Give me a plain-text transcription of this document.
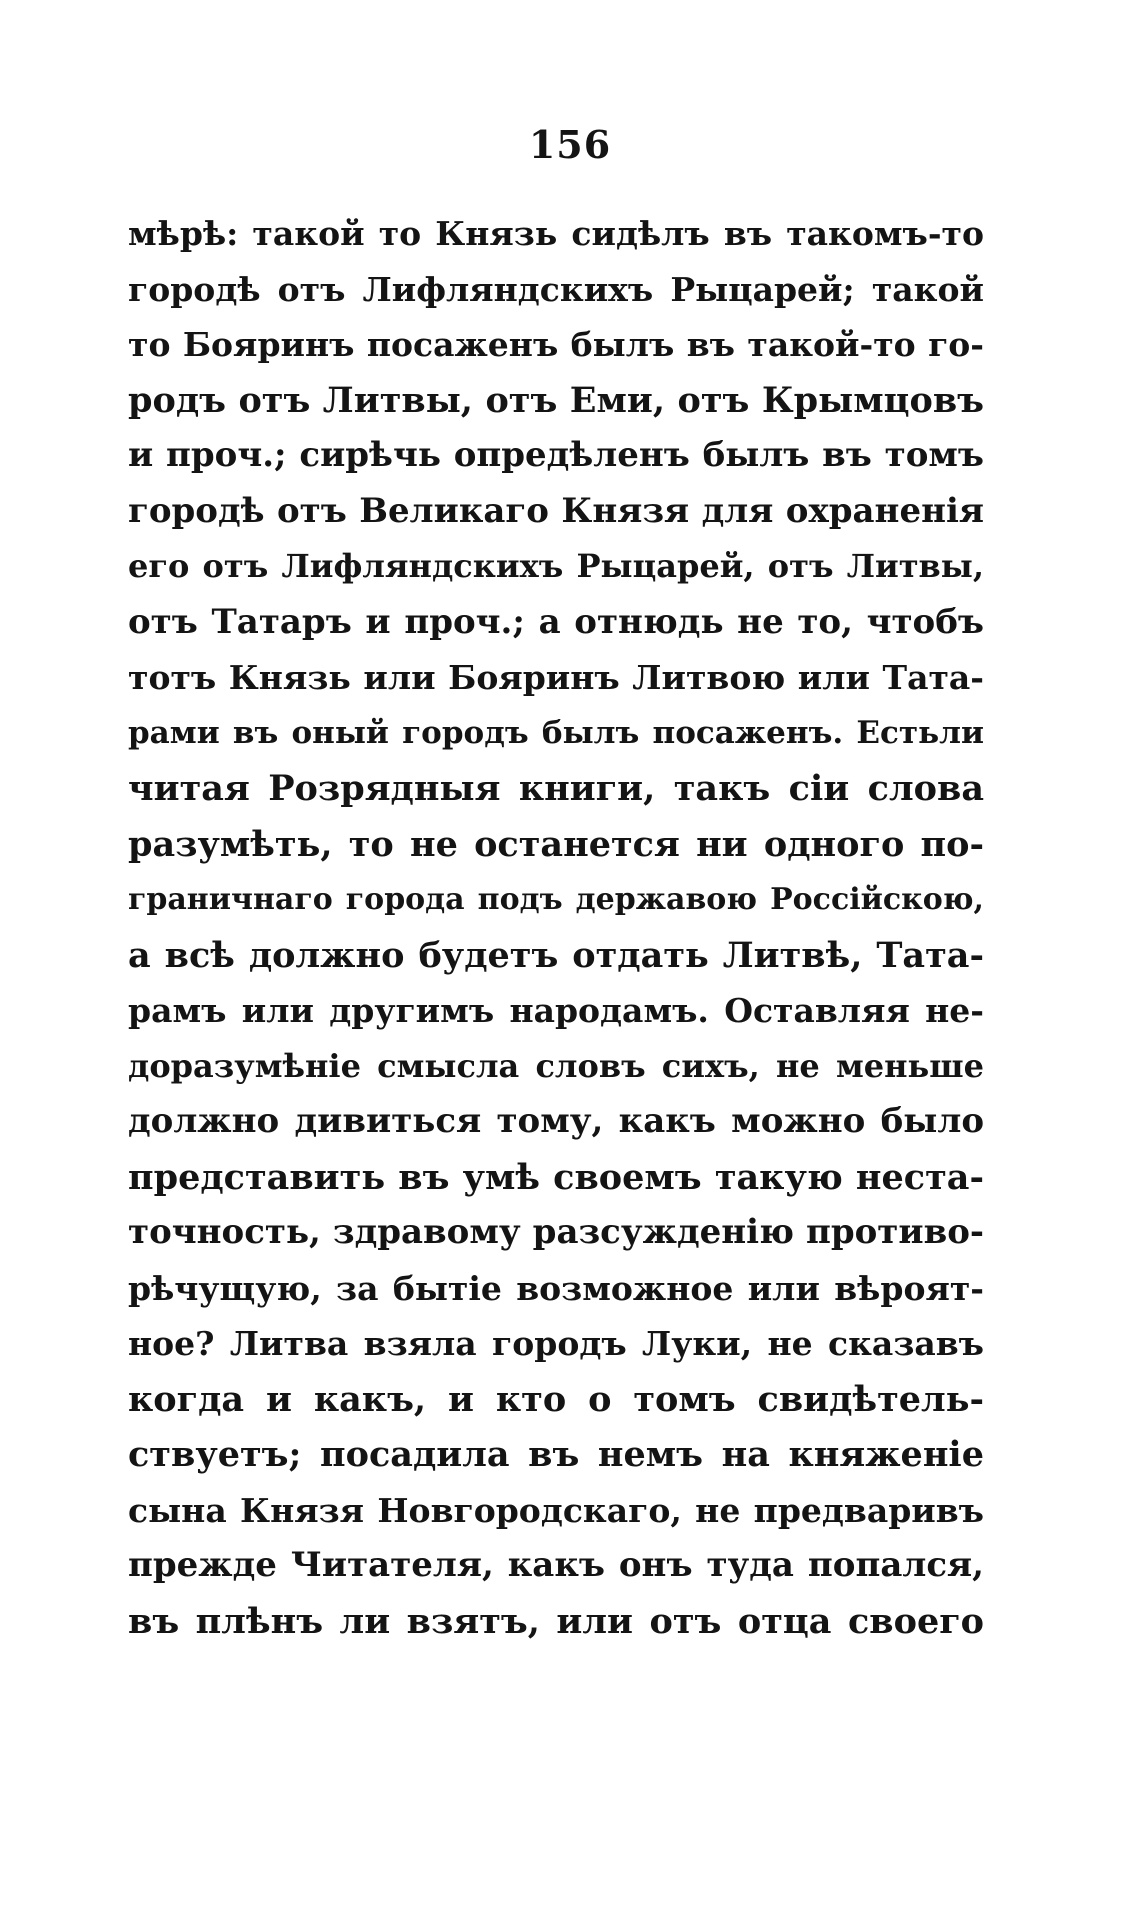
156
мѣрѣ: такой то Князь сидѣлъ въ такомъ-то
городѣ отъ Лифляндскихъ Рыцарей; такой
то Бояринъ посаженъ былъ въ такой-то го-
родъ отъ Литвы, отъ Еми, отъ Крымцовъ
и проч.; сирѣчь опредѣленъ былъ въ томъ
городѣ отъ Великаго Князя для охраненія
его отъ Лифляндскихъ Рыцарей, отъ Литвы,
отъ Татаръ и проч.; а отнюдь не то, чтобъ
тотъ Князь или Бояринъ Литвою или Тата-
рами въ оный городъ былъ посаженъ. Естьли
читая Розрядныя книги, такъ сіи слова
разумѣть, то не останется ни одного по-
граничнаго города подъ державою Россійскою,
а всѣ должно будетъ отдать Литвѣ, Тата-
рамъ или другимъ народамъ. Оставляя не-
доразумѣніе смысла словъ сихъ, не меньше
должно дивиться тому, какъ можно было
представить въ умѣ своемъ такую неста-
точность, здравому разсужденію противо-
рѣчущую, за бытіе возможное или вѣроят-
ное? Литва взяла городъ Луки, не сказавъ
когда и какъ, и кто о томъ свидѣтель-
ствуетъ; посадила въ немъ на княженіе
сына Князя Новгородскаго, не предваривъ
прежде Читателя, какъ онъ туда попался,
въ плѣнъ ли взятъ, или отъ отца своего
